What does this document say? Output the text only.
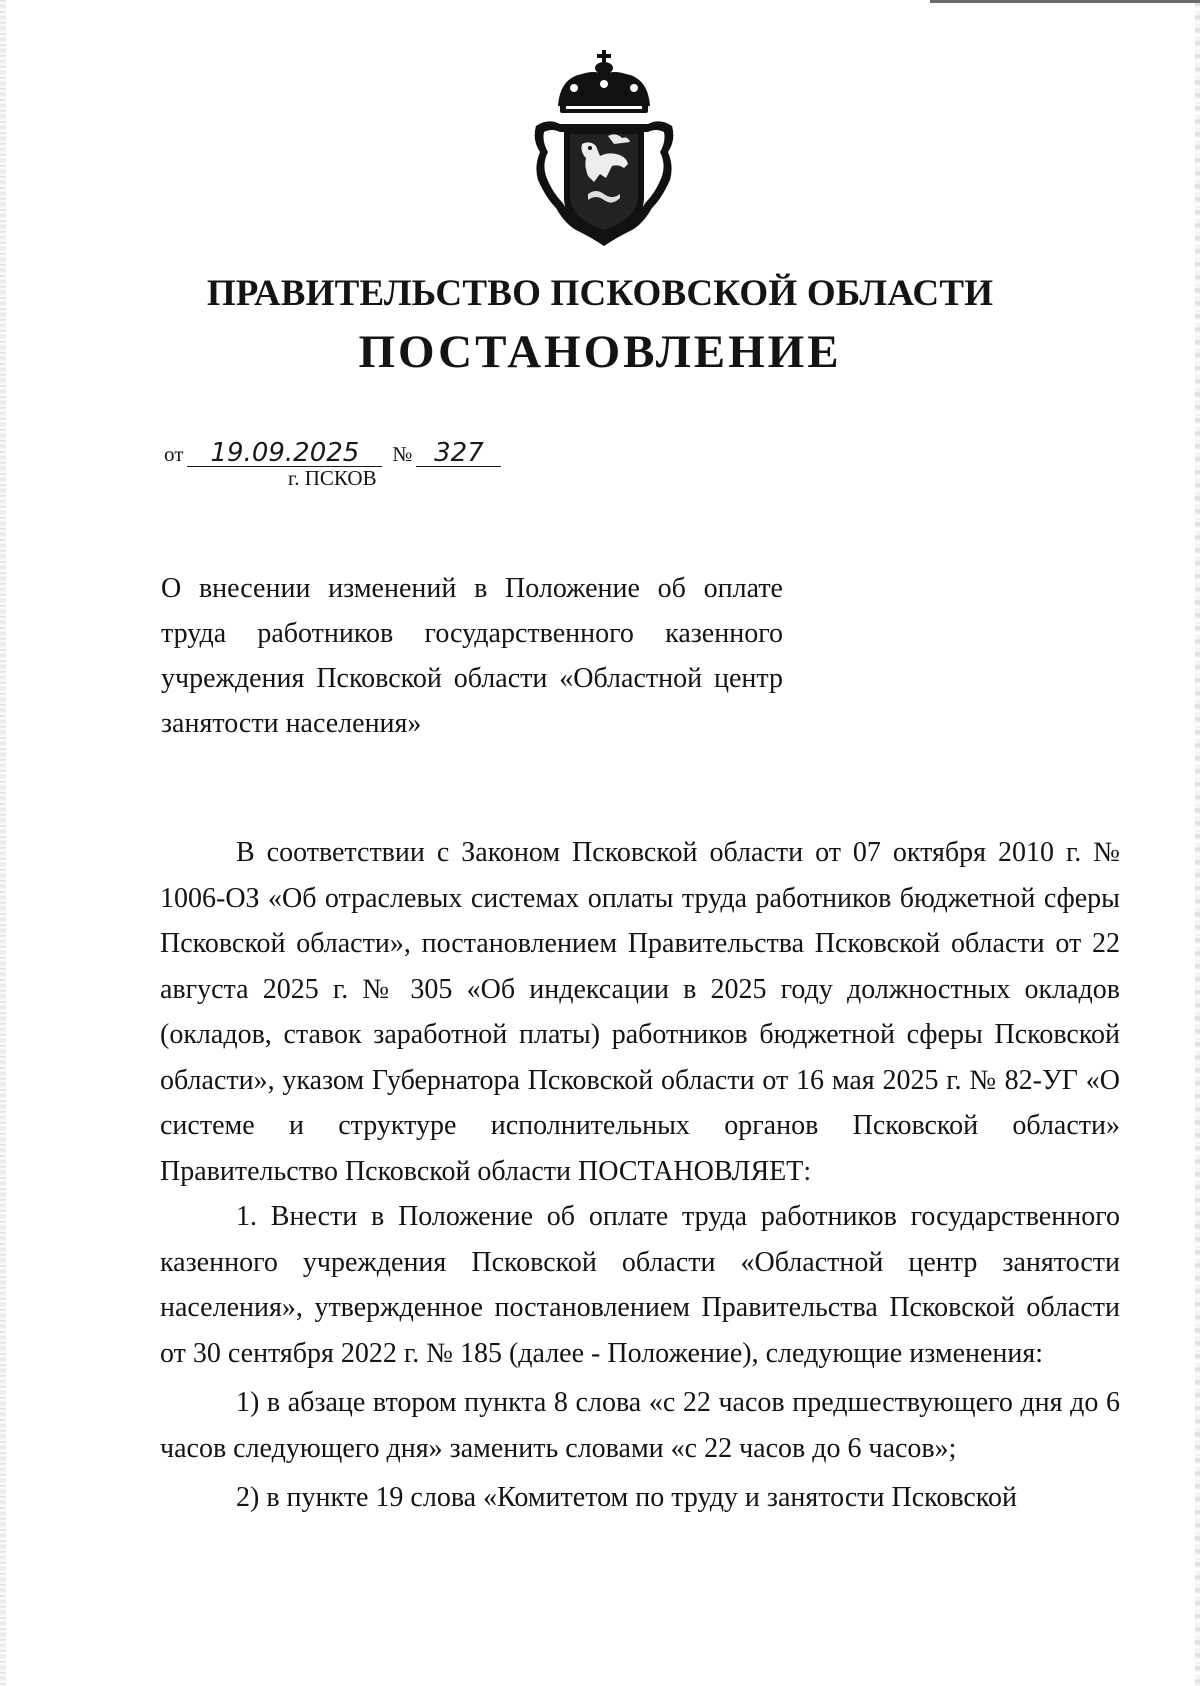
ПРАВИТЕЛЬСТВО ПСКОВСКОЙ ОБЛАСТИ
ПОСТАНОВЛЕНИЕ
от 19.09.2025 № 327
г. ПСКОВ

О внесении изменений в Положение об оплате труда работников государственного казенного учреждения Псковской области «Областной центр занятости населения»

В соответствии с Законом Псковской области от 07 октября 2010 г. № 1006-ОЗ «Об отраслевых системах оплаты труда работников бюджетной сферы Псковской области», постановлением Правительства Псковской области от 22 августа 2025 г. № 305 «Об индексации в 2025 году должностных окладов (окладов, ставок заработной платы) работников бюджетной сферы Псковской области», указом Губернатора Псковской области от 16 мая 2025 г. № 82-УГ «О системе и структуре исполнительных органов Псковской области» Правительство Псковской области ПОСТАНОВЛЯЕТ:

1. Внести в Положение об оплате труда работников государственного казенного учреждения Псковской области «Областной центр занятости населения», утвержденное постановлением Правительства Псковской области от 30 сентября 2022 г. № 185 (далее - Положение), следующие изменения:

1) в абзаце втором пункта 8 слова «с 22 часов предшествующего дня до 6 часов следующего дня» заменить словами «с 22 часов до 6 часов»;

2) в пункте 19 слова «Комитетом по труду и занятости Псковской
